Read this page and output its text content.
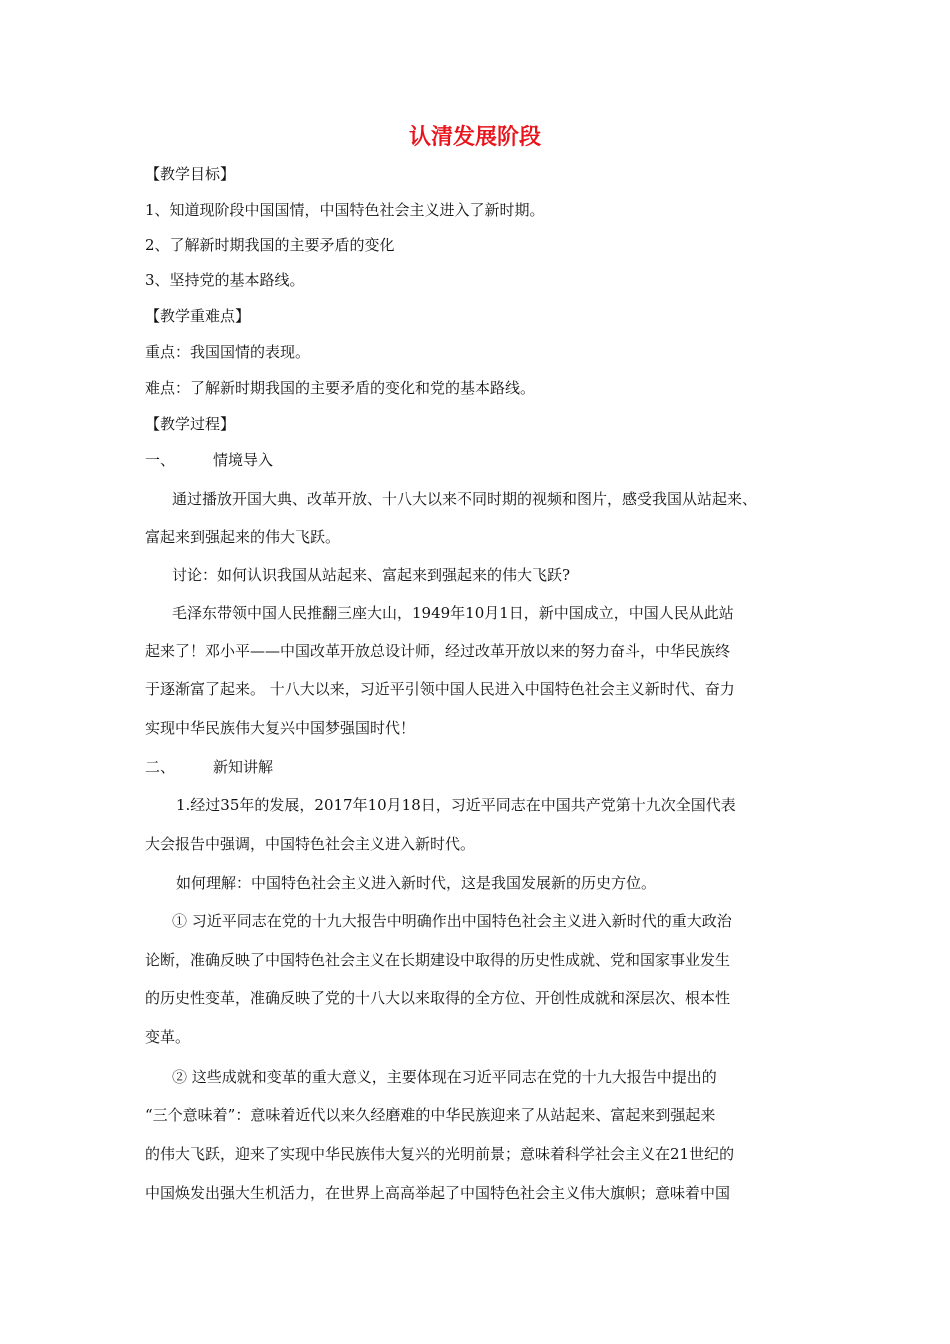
认清发展阶段
【教学目标】
1、知道现阶段中国国情，中国特色社会主义进入了新时期。
2、了解新时期我国的主要矛盾的变化
3、坚持党的基本路线。
【教学重难点】
重点：我国国情的表现。
难点：了解新时期我国的主要矛盾的变化和党的基本路线。
【教学过程】
一、	情境导入
通过播放开国大典、改革开放、十八大以来不同时期的视频和图片，感受我国从站起来、
富起来到强起来的伟大飞跃。
讨论：如何认识我国从站起来、富起来到强起来的伟大飞跃?
毛泽东带领中国人民推翻三座大山，1949年10月1日，新中国成立，中国人民从此站
起来了！邓小平——中国改革开放总设计师，经过改革开放以来的努力奋斗，中华民族终
于逐渐富了起来。 十八大以来，习近平引领中国人民进入中国特色社会主义新时代、奋力
实现中华民族伟大复兴中国梦强国时代！
二、	新知讲解
1.经过35年的发展，2017年10月18日，习近平同志在中国共产党第十九次全国代表
大会报告中强调，中国特色社会主义进入新时代。
如何理解：中国特色社会主义进入新时代，这是我国发展新的历史方位。
① 习近平同志在党的十九大报告中明确作出中国特色社会主义进入新时代的重大政治
论断，准确反映了中国特色社会主义在长期建设中取得的历史性成就、党和国家事业发生
的历史性变革，准确反映了党的十八大以来取得的全方位、开创性成就和深层次、根本性
变革。
② 这些成就和变革的重大意义，主要体现在习近平同志在党的十九大报告中提出的
“三个意味着”：意味着近代以来久经磨难的中华民族迎来了从站起来、富起来到强起来
的伟大飞跃，迎来了实现中华民族伟大复兴的光明前景；意味着科学社会主义在21世纪的
中国焕发出强大生机活力，在世界上高高举起了中国特色社会主义伟大旗帜；意味着中国
